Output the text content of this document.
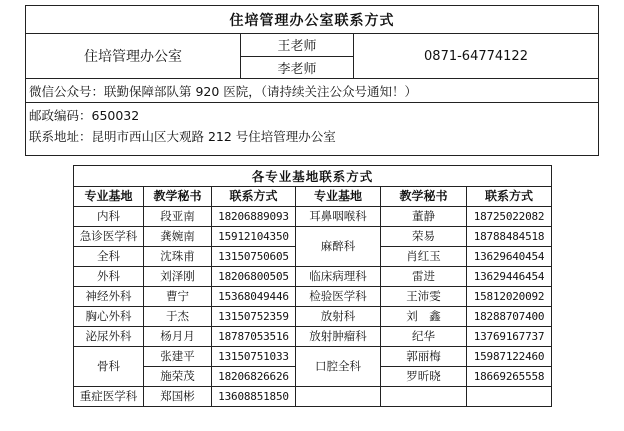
住培管理办公室联系方式
住培管理办公室	王老师	0871-64774122
李老师
微信公众号：联勤保障部队第 920 医院，（请持续关注公众号通知！）

邮政编码：650032
联系地址：昆明市西山区大观路 212 号住培管理办公室
各专业基地联系方式					
专业基地	教学秘书	联系方式	专业基地	教学秘书	联系方式
内科	段亚南	18206889093	耳鼻咽喉科	董静	18725022082
急诊医学科	龚婉南	15912104350	麻醉科	荣易	18788484518
全科	沈珠甫	13150750605		肖红玉	13629640454
外科	刘泽刚	18206800505	临床病理科	雷进	13629446454
神经外科	曹宁	15368049446	检验医学科	王沛雯	15812020092
胸心外科	于杰	13150752359	放射科	刘　鑫	18288707400
泌尿外科	杨月月	18787053516	放射肿瘤科	纪华	13769167737
骨科	张建平	13150751033	口腔全科	郭丽梅	15987122460
	施荣茂	18206826626		罗昕晓	18669265558
重症医学科	郑国彬	13608851850			
